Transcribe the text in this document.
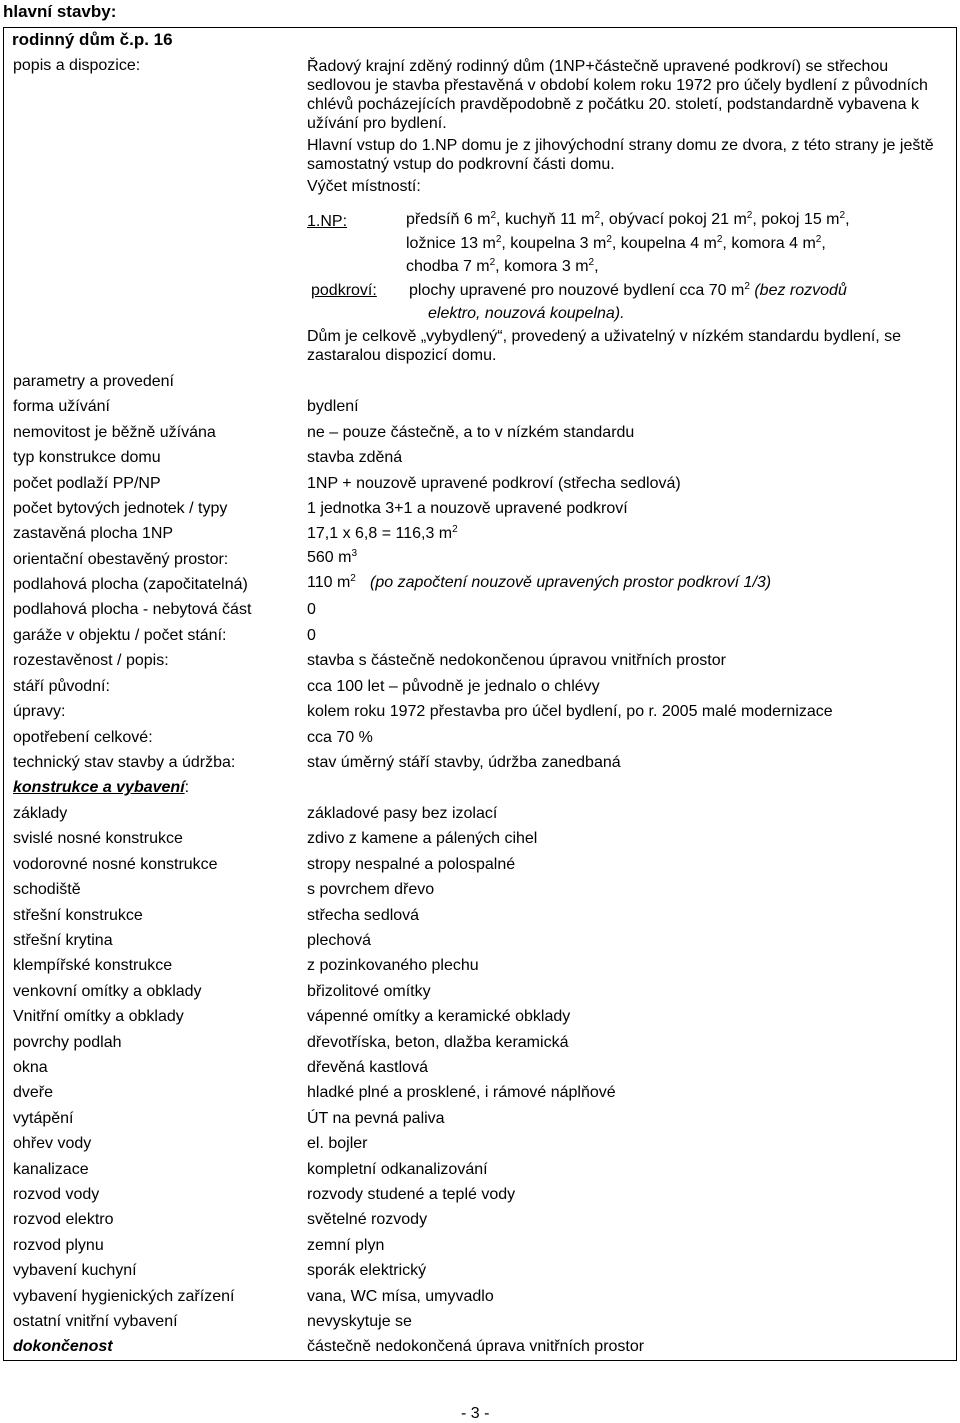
hlavní stavby:
rodinný dům č.p. 16
popis a dispozice:	Řadový krajní zděný rodinný dům (1NP+částečně upravené podkroví) se střechou sedlovou je stavba přestavěná v období kolem roku 1972 pro účely bydlení z původních chlévů pocházejících pravděpodobně z počátku 20. století, podstandardně vybavena k užívání pro bydlení.

Hlavní vstup do 1.NP domu je z jihovýchodní strany domu ze dvora, z této strany je ještě samostatný vstup do podkrovní části domu.

Výčet místností:

1.NP:	předsíň 6 $m^2$, kuchyň 11 $m^2$, obývací pokoj 21 $m^2$, pokoj 15 $m^2$,
ložnice 13 $m^2$, koupelna 3 $m^2$, koupelna 4 $m^2$, komora 4 $m^2$,
chodba 7 $m^2$, komora 3 $m^2$,
podkroví: plochy upravené pro nouzové bydlení cca 70 $m^2$ (bez rozvodů
elektro, nouzová koupelna).
Dům je celkově „vybydlený“, provedený a uživatelný v nízkém standardu bydlení, se zastaralou dispozicí domu.
parametry a provedení
forma užívání	bydlení
nemovitost je běžně užívána	ne – pouze částečně, a to v nízkém standardu
typ konstrukce domu	stavba zděná
počet podlaží PP/NP	1NP + nouzově upravené podkroví (střecha sedlová)
počet bytových jednotek / typy	1 jednotka 3+1 a nouzově upravené podkroví
zastavěná plocha 1NP	17,1 x 6,8 = 116,3 $m^2$
orientační obestavěný prostor:	560 $m^3$
podlahová plocha (započitatelná)	110 $m^2$ (po započtení nouzově upravených prostor podkroví 1/3)
podlahová plocha - nebytová část	0
garáže v objektu / počet stání:	0
rozestavěnost / popis:	stavba s částečně nedokončenou úpravou vnitřních prostor
stáří původní:	cca 100 let – původně je jednalo o chlévy
úpravy:	kolem roku 1972 přestavba pro účel bydlení, po r. 2005 malé modernizace
opotřebení celkové:	cca 70 %
technický stav stavby a údržba:	stav úměrný stáří stavby, údržba zanedbaná
konstrukce a vybavení:
základy	základové pasy bez izolací
svislé nosné konstrukce	zdivo z kamene a pálených cihel
vodorovné nosné konstrukce	stropy nespalné a polospalné
schodiště	s povrchem dřevo
střešní konstrukce	střecha sedlová
střešní krytina	plechová
klempířské konstrukce	z pozinkovaného plechu
venkovní omítky a obklady	břizolitové omítky
Vnitřní omítky a obklady	vápenné omítky a keramické obklady
povrchy podlah	dřevotříska, beton, dlažba keramická
okna	dřevěná kastlová
dveře	hladké plné a prosklené, i rámové náplňové
vytápění	ÚT na pevná paliva
ohřev vody	el. bojler
kanalizace	kompletní odkanalizování
rozvod vody	rozvody studené a teplé vody
rozvod elektro	světelné rozvody
rozvod plynu	zemní plyn
vybavení kuchyní	sporák elektrický
vybavení hygienických zařízení	vana, WC mísa, umyvadlo
ostatní vnitřní vybavení	nevyskytuje se
dokončenost	částečně nedokončená úprava vnitřních prostor
- 3 -
